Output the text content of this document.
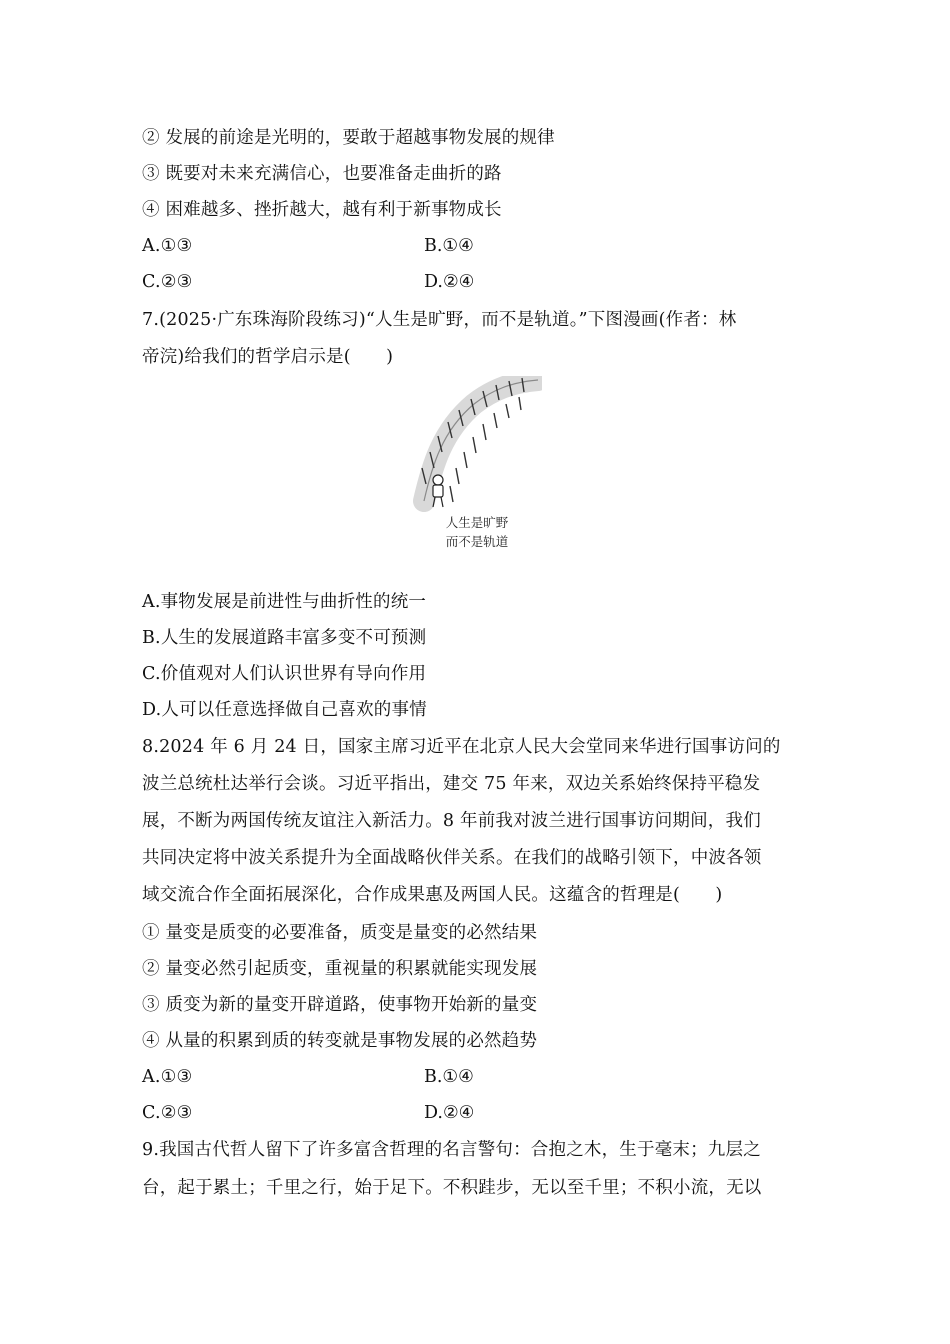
② 发展的前途是光明的，要敢于超越事物发展的规律
③ 既要对未来充满信心，也要准备走曲折的路
④ 困难越多、挫折越大，越有利于新事物成长
A.①③	B.①④
C.②③	D.②④
7.(2025·广东珠海阶段练习)“人生是旷野，而不是轨道。”下图漫画(作者：林
帝浣)给我们的哲学启示是(　　)
人生是旷野
而不是轨道
A.事物发展是前进性与曲折性的统一
B.人生的发展道路丰富多变不可预测
C.价值观对人们认识世界有导向作用
D.人可以任意选择做自己喜欢的事情
8.2024 年 6 月 24 日，国家主席习近平在北京人民大会堂同来华进行国事访问的
波兰总统杜达举行会谈。习近平指出，建交 75 年来，双边关系始终保持平稳发
展，不断为两国传统友谊注入新活力。8 年前我对波兰进行国事访问期间，我们
共同决定将中波关系提升为全面战略伙伴关系。在我们的战略引领下，中波各领
域交流合作全面拓展深化，合作成果惠及两国人民。这蕴含的哲理是(　　)
① 量变是质变的必要准备，质变是量变的必然结果
② 量变必然引起质变，重视量的积累就能实现发展
③ 质变为新的量变开辟道路，使事物开始新的量变
④ 从量的积累到质的转变就是事物发展的必然趋势
A.①③	B.①④
C.②③	D.②④
9.我国古代哲人留下了许多富含哲理的名言警句：合抱之木，生于毫末；九层之
台，起于累土；千里之行，始于足下。不积跬步，无以至千里；不积小流，无以
